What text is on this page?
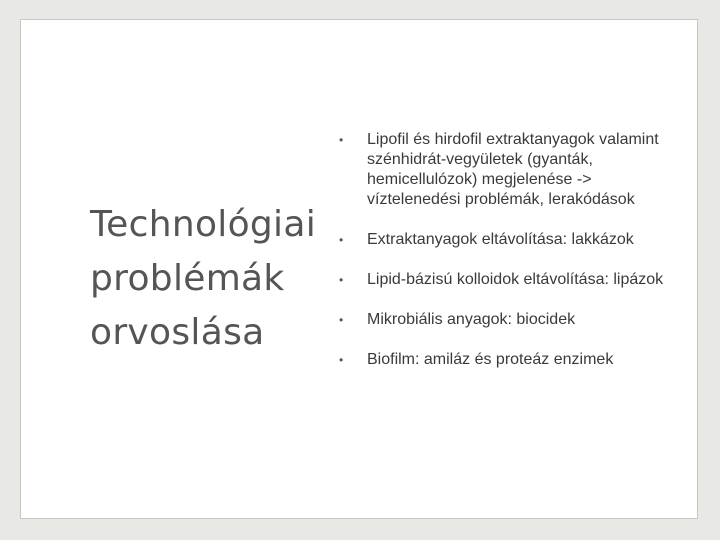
Technológiai
problémák
orvoslása
• Lipofil és hirdofil extraktanyagok valamint szénhidrát-vegyületek (gyanták, hemicellulózok) megjelenése -> víztelenedési problémák, lerakódások
• Extraktanyagok eltávolítása: lakkázok
• Lipid-bázisú kolloidok eltávolítása: lipázok
• Mikrobiális anyagok: biocidek
• Biofilm: amiláz és proteáz enzimek
